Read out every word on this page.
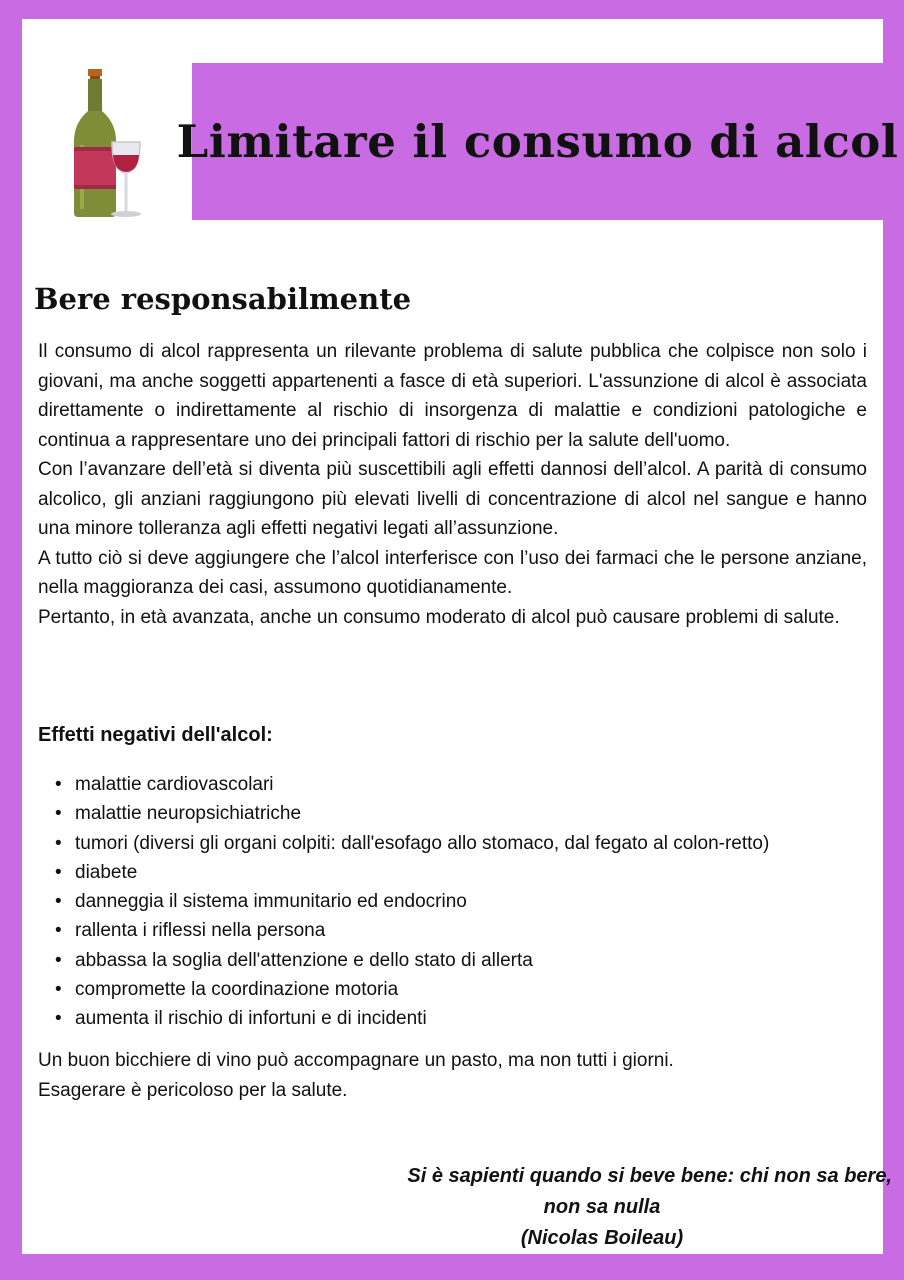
Limitare il consumo di alcol
Bere responsabilmente

Il consumo di alcol rappresenta un rilevante problema di salute pubblica che colpisce non solo i giovani, ma anche soggetti appartenenti a fasce di età superiori. L'assunzione di alcol è associata direttamente o indirettamente al rischio di insorgenza di malattie e condizioni patologiche e continua a rappresentare uno dei principali fattori di rischio per la salute dell'uomo.

Con l’avanzare dell’età si diventa più suscettibili agli effetti dannosi dell’alcol. A parità di consumo alcolico, gli anziani raggiungono più elevati livelli di concentrazione di alcol nel sangue e hanno una minore tolleranza agli effetti negativi legati all’assunzione.

A tutto ciò si deve aggiungere che l’alcol interferisce con l’uso dei farmaci che le persone anziane, nella maggioranza dei casi, assumono quotidianamente.

Pertanto, in età avanzata, anche un consumo moderato di alcol può causare problemi di salute.

Effetti negativi dell'alcol:
• malattie cardiovascolari
• malattie neuropsichiatriche
• tumori (diversi gli organi colpiti: dall'esofago allo stomaco, dal fegato al colon-retto)
• diabete
• danneggia il sistema immunitario ed endocrino
• rallenta i riflessi nella persona
• abbassa la soglia dell'attenzione e dello stato di allerta
• compromette la coordinazione motoria
• aumenta il rischio di infortuni e di incidenti

Un buon bicchiere di vino può accompagnare un pasto, ma non tutti i giorni.

Esagerare è pericoloso per la salute.

Si è sapienti quando si beve bene: chi non sa bere,

non sa nulla

(Nicolas Boileau)
